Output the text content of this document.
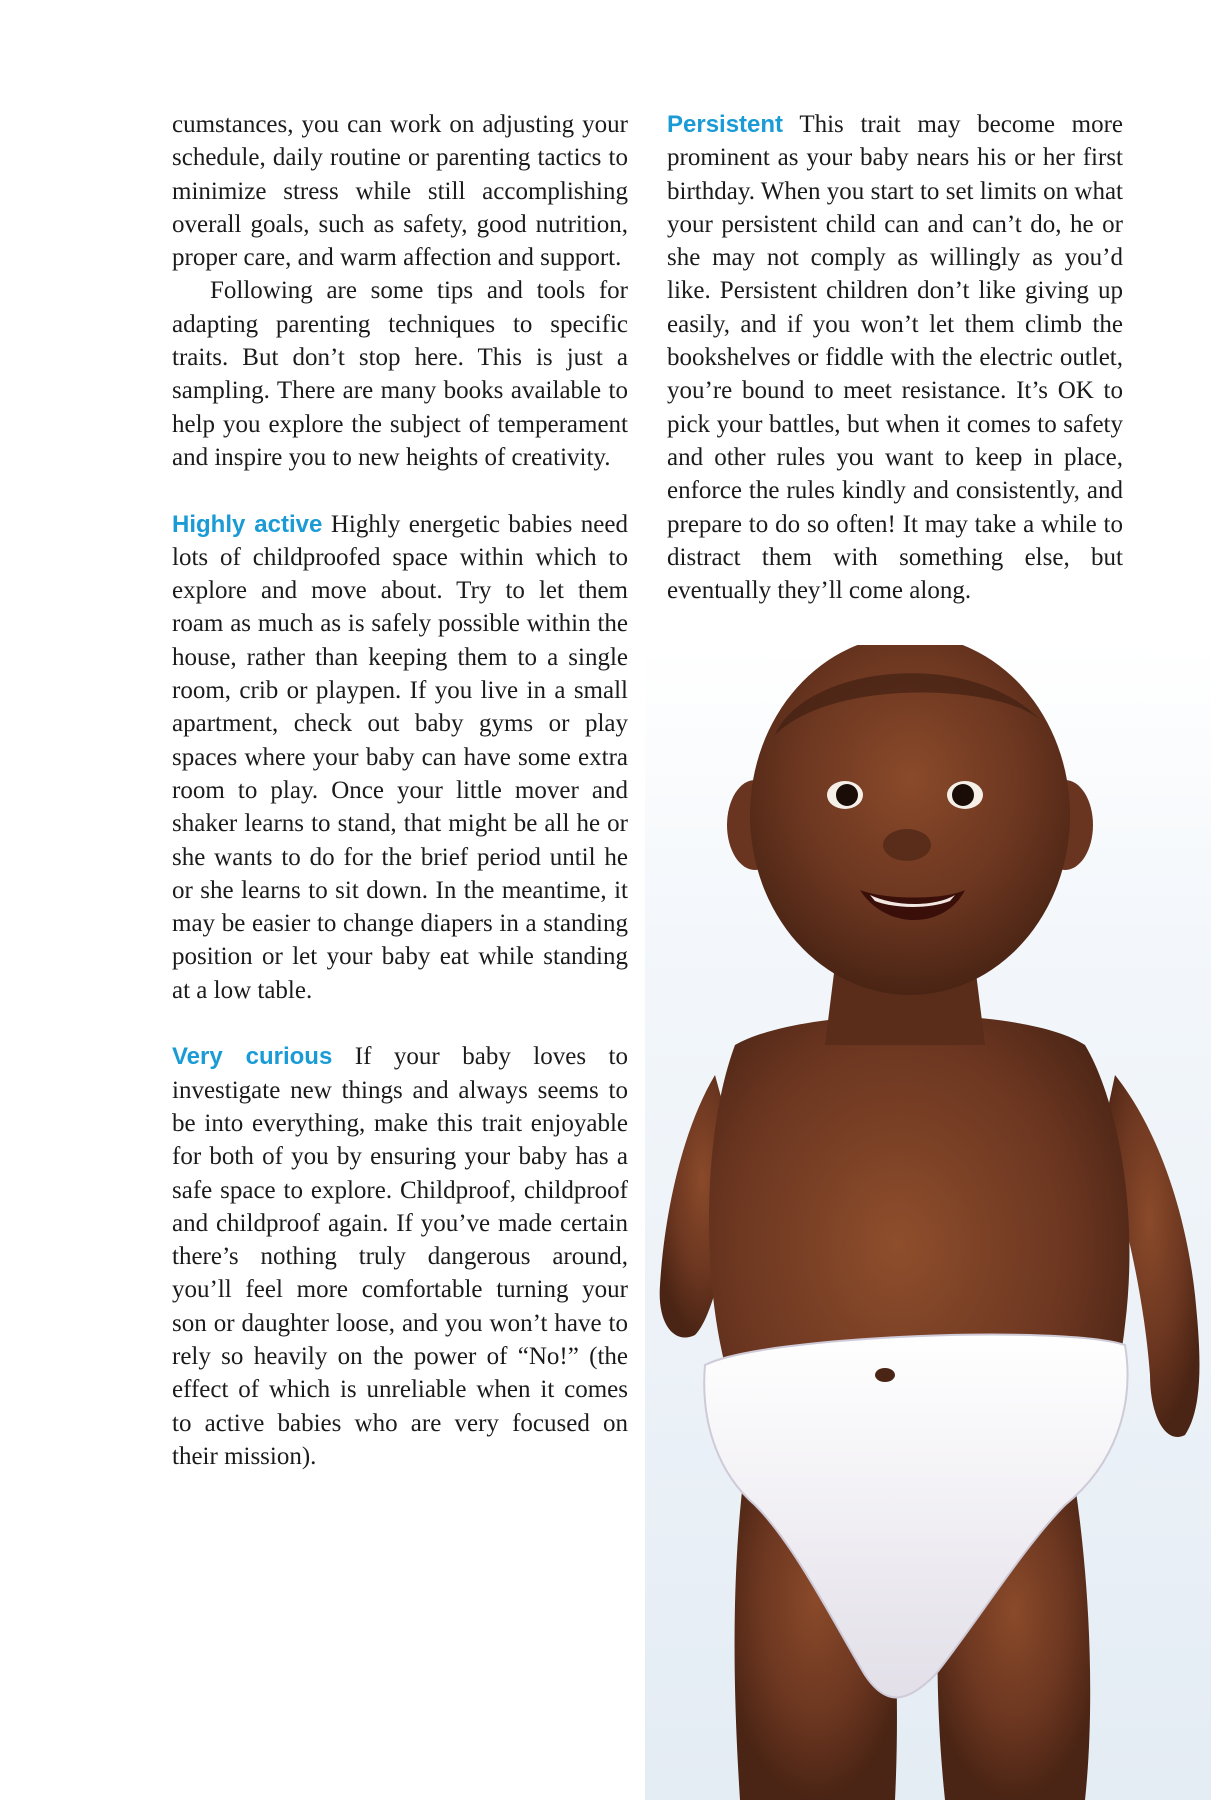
cumstances, you can work on adjusting your schedule, daily routine or parenting tactics to minimize stress while still accomplishing overall goals, such as safety, good nutrition, proper care, and warm affection and support.

Following are some tips and tools for adapting parenting techniques to specific traits. But don’t stop here. This is just a sampling. There are many books available to help you explore the subject of temperament and inspire you to new heights of creativity.

Highly active Highly energetic babies need lots of childproofed space within which to explore and move about. Try to let them roam as much as is safely possible within the house, rather than keeping them to a single room, crib or playpen. If you live in a small apartment, check out baby gyms or play spaces where your baby can have some extra room to play. Once your little mover and shaker learns to stand, that might be all he or she wants to do for the brief period until he or she learns to sit down. In the meantime, it may be easier to change diapers in a standing position or let your baby eat while standing at a low table.

Very curious If your baby loves to investigate new things and always seems to be into everything, make this trait enjoyable for both of you by ensuring your baby has a safe space to explore. Childproof, childproof and childproof again. If you’ve made certain there’s nothing truly dangerous around, you’ll feel more comfortable turning your son or daughter loose, and you won’t have to rely so heavily on the power of “No!” (the effect of which is unreliable when it comes to active babies who are very focused on their mission).

Persistent This trait may become more prominent as your baby nears his or her first birthday. When you start to set limits on what your persistent child can and can’t do, he or she may not comply as willingly as you’d like. Persistent children don’t like giving up easily, and if you won’t let them climb the bookshelves or fiddle with the electric outlet, you’re bound to meet resistance. It’s OK to pick your battles, but when it comes to safety and other rules you want to keep in place, enforce the rules kindly and consistently, and prepare to do so often! It may take a while to distract them with something else, but eventually they’ll come along.
